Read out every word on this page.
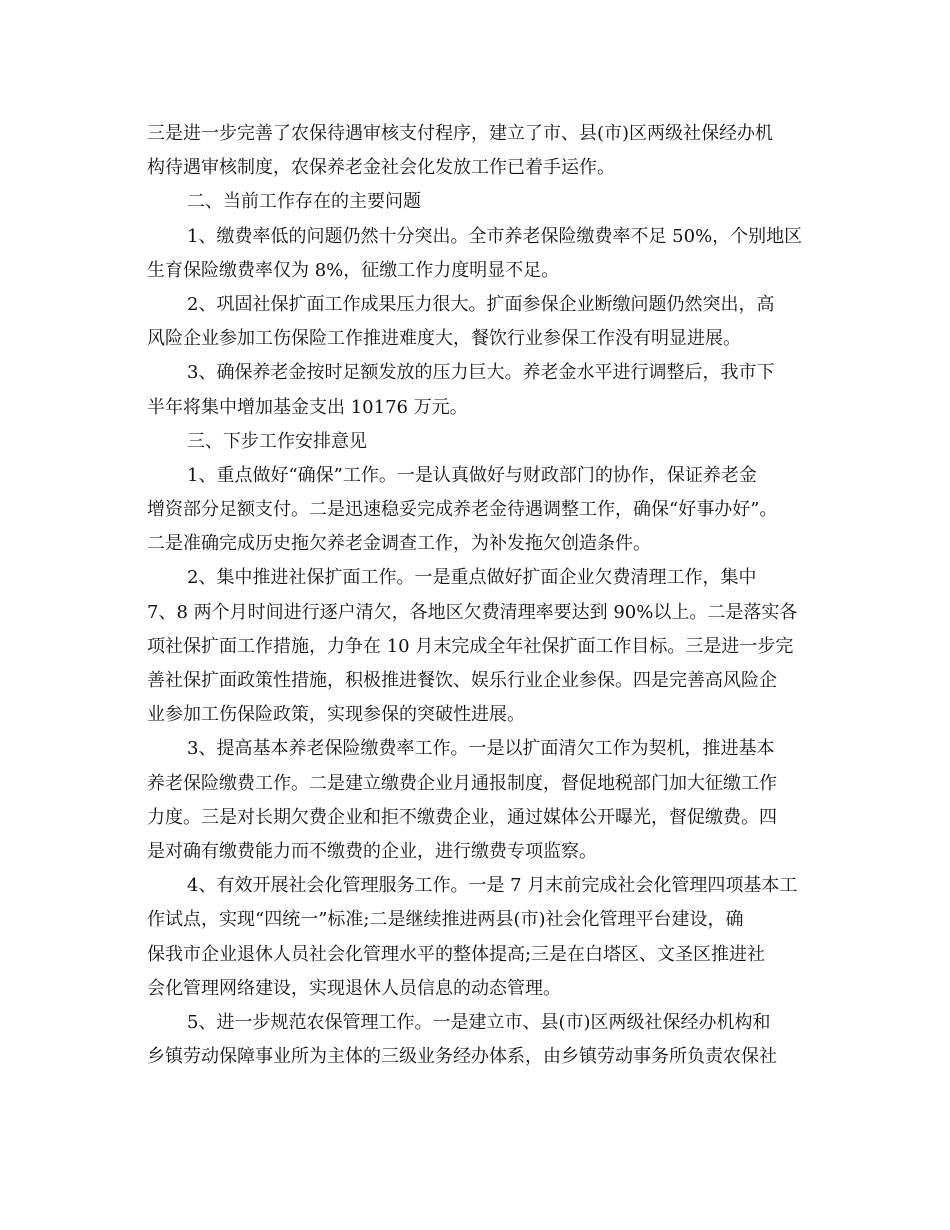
三是进一步完善了农保待遇审核支付程序，建立了市、县(市)区两级社保经办机
构待遇审核制度，农保养老金社会化发放工作已着手运作。
二、当前工作存在的主要问题
1、缴费率低的问题仍然十分突出。全市养老保险缴费率不足 50%，个别地区
生育保险缴费率仅为 8%，征缴工作力度明显不足。
2、巩固社保扩面工作成果压力很大。扩面参保企业断缴问题仍然突出，高
风险企业参加工伤保险工作推进难度大，餐饮行业参保工作没有明显进展。
3、确保养老金按时足额发放的压力巨大。养老金水平进行调整后，我市下
半年将集中增加基金支出 10176 万元。
三、下步工作安排意见
1、重点做好“确保”工作。一是认真做好与财政部门的协作，保证养老金
增资部分足额支付。二是迅速稳妥完成养老金待遇调整工作，确保“好事办好”。
二是准确完成历史拖欠养老金调查工作，为补发拖欠创造条件。
2、集中推进社保扩面工作。一是重点做好扩面企业欠费清理工作，集中
7、8 两个月时间进行逐户清欠，各地区欠费清理率要达到 90%以上。二是落实各
项社保扩面工作措施，力争在 10 月末完成全年社保扩面工作目标。三是进一步完
善社保扩面政策性措施，积极推进餐饮、娱乐行业企业参保。四是完善高风险企
业参加工伤保险政策，实现参保的突破性进展。
3、提高基本养老保险缴费率工作。一是以扩面清欠工作为契机，推进基本
养老保险缴费工作。二是建立缴费企业月通报制度，督促地税部门加大征缴工作
力度。三是对长期欠费企业和拒不缴费企业，通过媒体公开曝光，督促缴费。四
是对确有缴费能力而不缴费的企业，进行缴费专项监察。
4、有效开展社会化管理服务工作。一是 7 月末前完成社会化管理四项基本工
作试点，实现“四统一”标准;二是继续推进两县(市)社会化管理平台建设，确
保我市企业退休人员社会化管理水平的整体提高;三是在白塔区、文圣区推进社
会化管理网络建设，实现退休人员信息的动态管理。
5、进一步规范农保管理工作。一是建立市、县(市)区两级社保经办机构和
乡镇劳动保障事业所为主体的三级业务经办体系，由乡镇劳动事务所负责农保社
